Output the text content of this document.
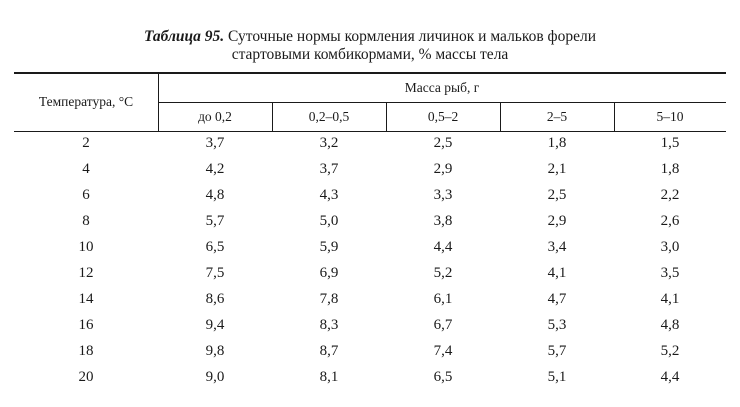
Таблица 95. Суточные нормы кормления личинок и мальков форели
стартовыми комбикормами, % массы тела
Температура, °С
Масса рыб, г
до 0,2	0,2–0,5	0,5–2	2–5	5–10
2	3,7	3,2	2,5	1,8	1,5
4	4,2	3,7	2,9	2,1	1,8
6	4,8	4,3	3,3	2,5	2,2
8	5,7	5,0	3,8	2,9	2,6
10	6,5	5,9	4,4	3,4	3,0
12	7,5	6,9	5,2	4,1	3,5
14	8,6	7,8	6,1	4,7	4,1
16	9,4	8,3	6,7	5,3	4,8
18	9,8	8,7	7,4	5,7	5,2
20	9,0	8,1	6,5	5,1	4,4
